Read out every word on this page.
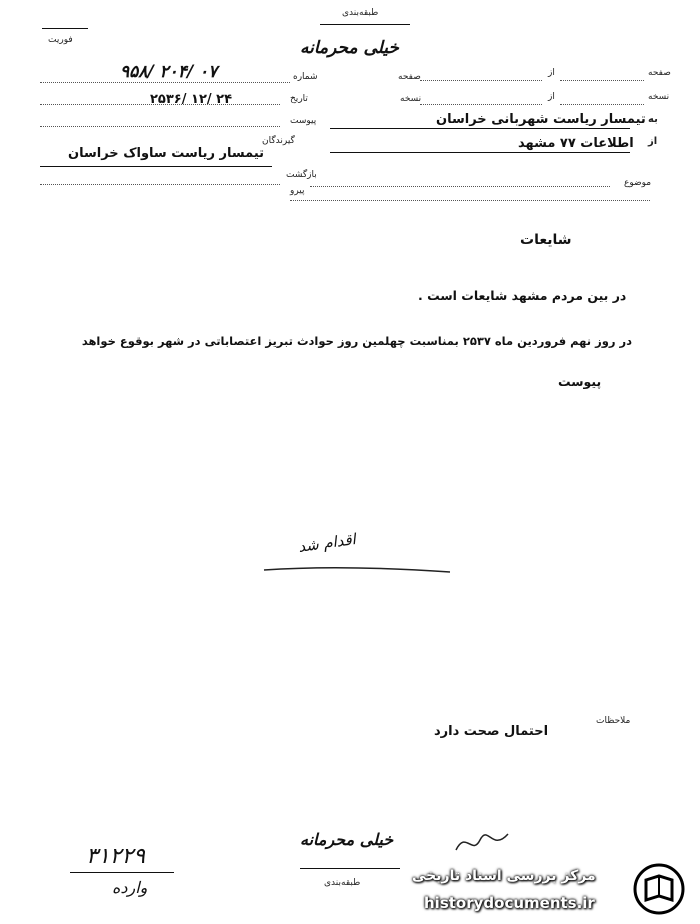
فوریت
طبقه‌بندی
خیلی محرمانه
۹۵۸/ ۲۰۴/ ۰۷	شماره
۲۵۳۶/ ۱۲/ ۲۴	تاریخ
پیوست
گیرندگان
تیمسار ریاست ساواک خراسان
صفحه
از
صفحه
نسخه
از
نسخه
به
تیمسار ریاست شهربانی خراسان
از
اطلاعات ۷۷ مشهد
بازگشت
پیرو
موضوع
شایعات
در بین مردم مشهد شایعات است .
در روز نهم فروردین ماه ۲۵۳۷ بمناسبت چهلمین روز حوادث تبریز اعتصاباتی در شهر بوقوع خواهد
پیوست
اقدام شد
ملاحظات
احتمال صحت دارد
خیلی محرمانه
طبقه‌بندی
۳۱۲۲۹
وارده
مرکز بررسی اسناد تاریخی
historydocuments.ir
